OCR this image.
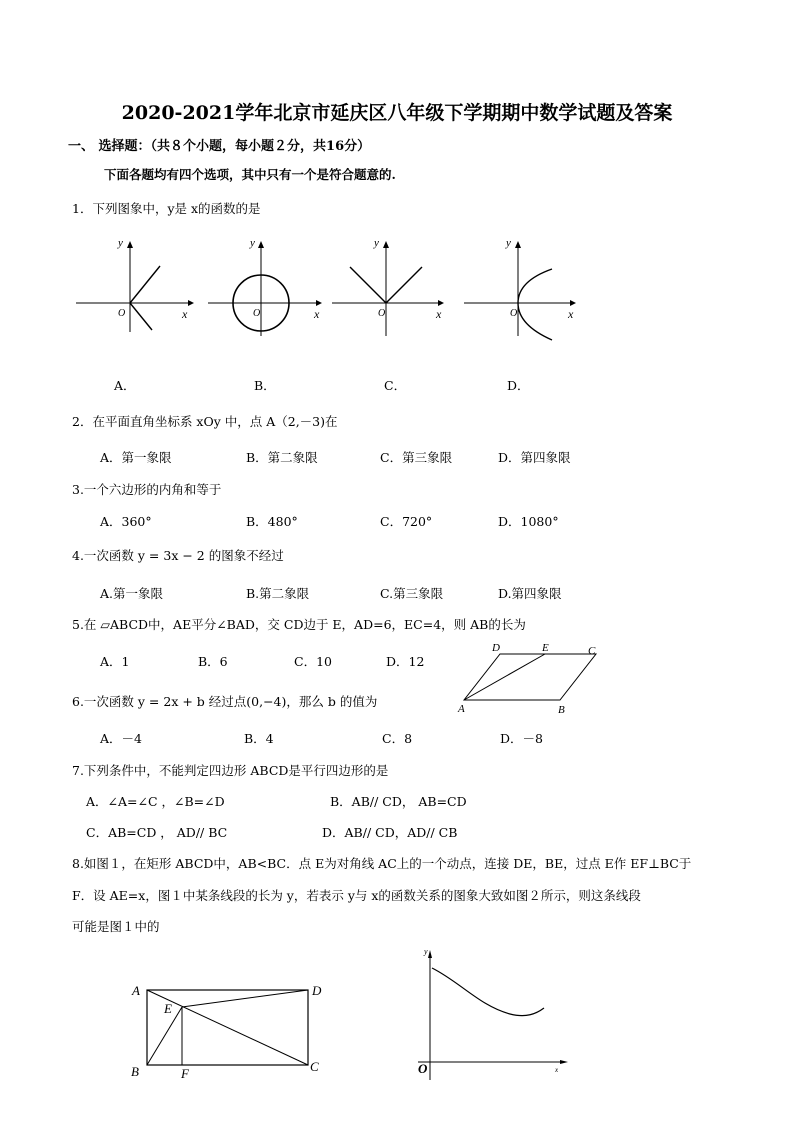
2020-2021学年北京市延庆区八年级下学期期中数学试题及答案
一、 选择题：（共８个小题，每小题２分，共16分）
下面各题均有四个选项，其中只有一个是符合题意的.
1．下列图象中，y是 x的函数的是
y
O	x
y
O	x
y
O	x
y
O	x
A．	B．	C．	D．
2．在平面直角坐标系 xOy 中，点 A（2,－3)在
A．第一象限	B．第二象限	C．第三象限	D．第四象限
3.一个六边形的内角和等于
A．360°	B．480°	C．720°	D．1080°
4.一次函数 y = 3x − 2 的图象不经过
A.第一象限	B.第二象限	C.第三象限	D.第四象限
5.在 ▱ABCD中，AE平分∠BAD，交 CD边于 E，AD=6，EC=4，则 AB的长为
A．1	B．6	C．10	D．12
A	B
C
D	E
6.一次函数 y = 2x + b 经过点(0,−4)，那么 b 的值为
A．－4	B．4	C．8	D．－8
7.下列条件中，不能判定四边形 ABCD是平行四边形的是
A．∠A=∠C ，∠B=∠D	B．AB// CD， AB=CD
C．AB=CD ， AD// BC	D．AB// CD，AD// CB
8.如图１，在矩形 ABCD中，AB<BC．点 E为对角线 AC上的一个动点，连接 DE，BE，过点 E作 EF⊥BC于
F．设 AE=x，图１中某条线段的长为 y，若表示 y与 x的函数关系的图象大致如图２所示，则这条线段
可能是图１中的
A	D
E
B	F	C
y
O	x
